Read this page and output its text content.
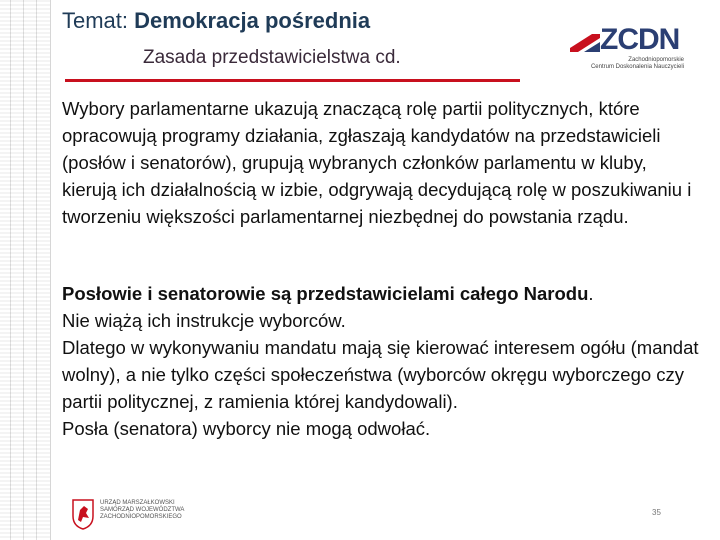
Temat: Demokracja pośrednia
Zasada przedstawicielstwa cd.
ZCDN
Zachodniopomorskie
Centrum Doskonalenia Nauczycieli
Wybory parlamentarne ukazują znaczącą rolę partii politycznych, które opracowują programy działania, zgłaszają kandydatów na przedstawicieli (posłów i senatorów), grupują wybranych członków parlamentu w kluby, kierują ich działalnością w izbie, odgrywają decydującą rolę w poszukiwaniu i tworzeniu większości parlamentarnej niezbędnej do powstania rządu.
Posłowie i senatorowie są przedstawicielami całego Narodu.
Nie wiążą ich instrukcje wyborców.
Dlatego w wykonywaniu mandatu mają się kierować interesem ogółu (mandat wolny), a nie tylko części społeczeństwa (wyborców okręgu wyborczego czy partii politycznej, z ramienia której kandydowali).
Posła (senatora) wyborcy nie mogą odwołać.
URZĄD MARSZAŁKOWSKI
SAMORZĄD WOJEWÓDZTWA
ZACHODNIOPOMORSKIEGO	35
